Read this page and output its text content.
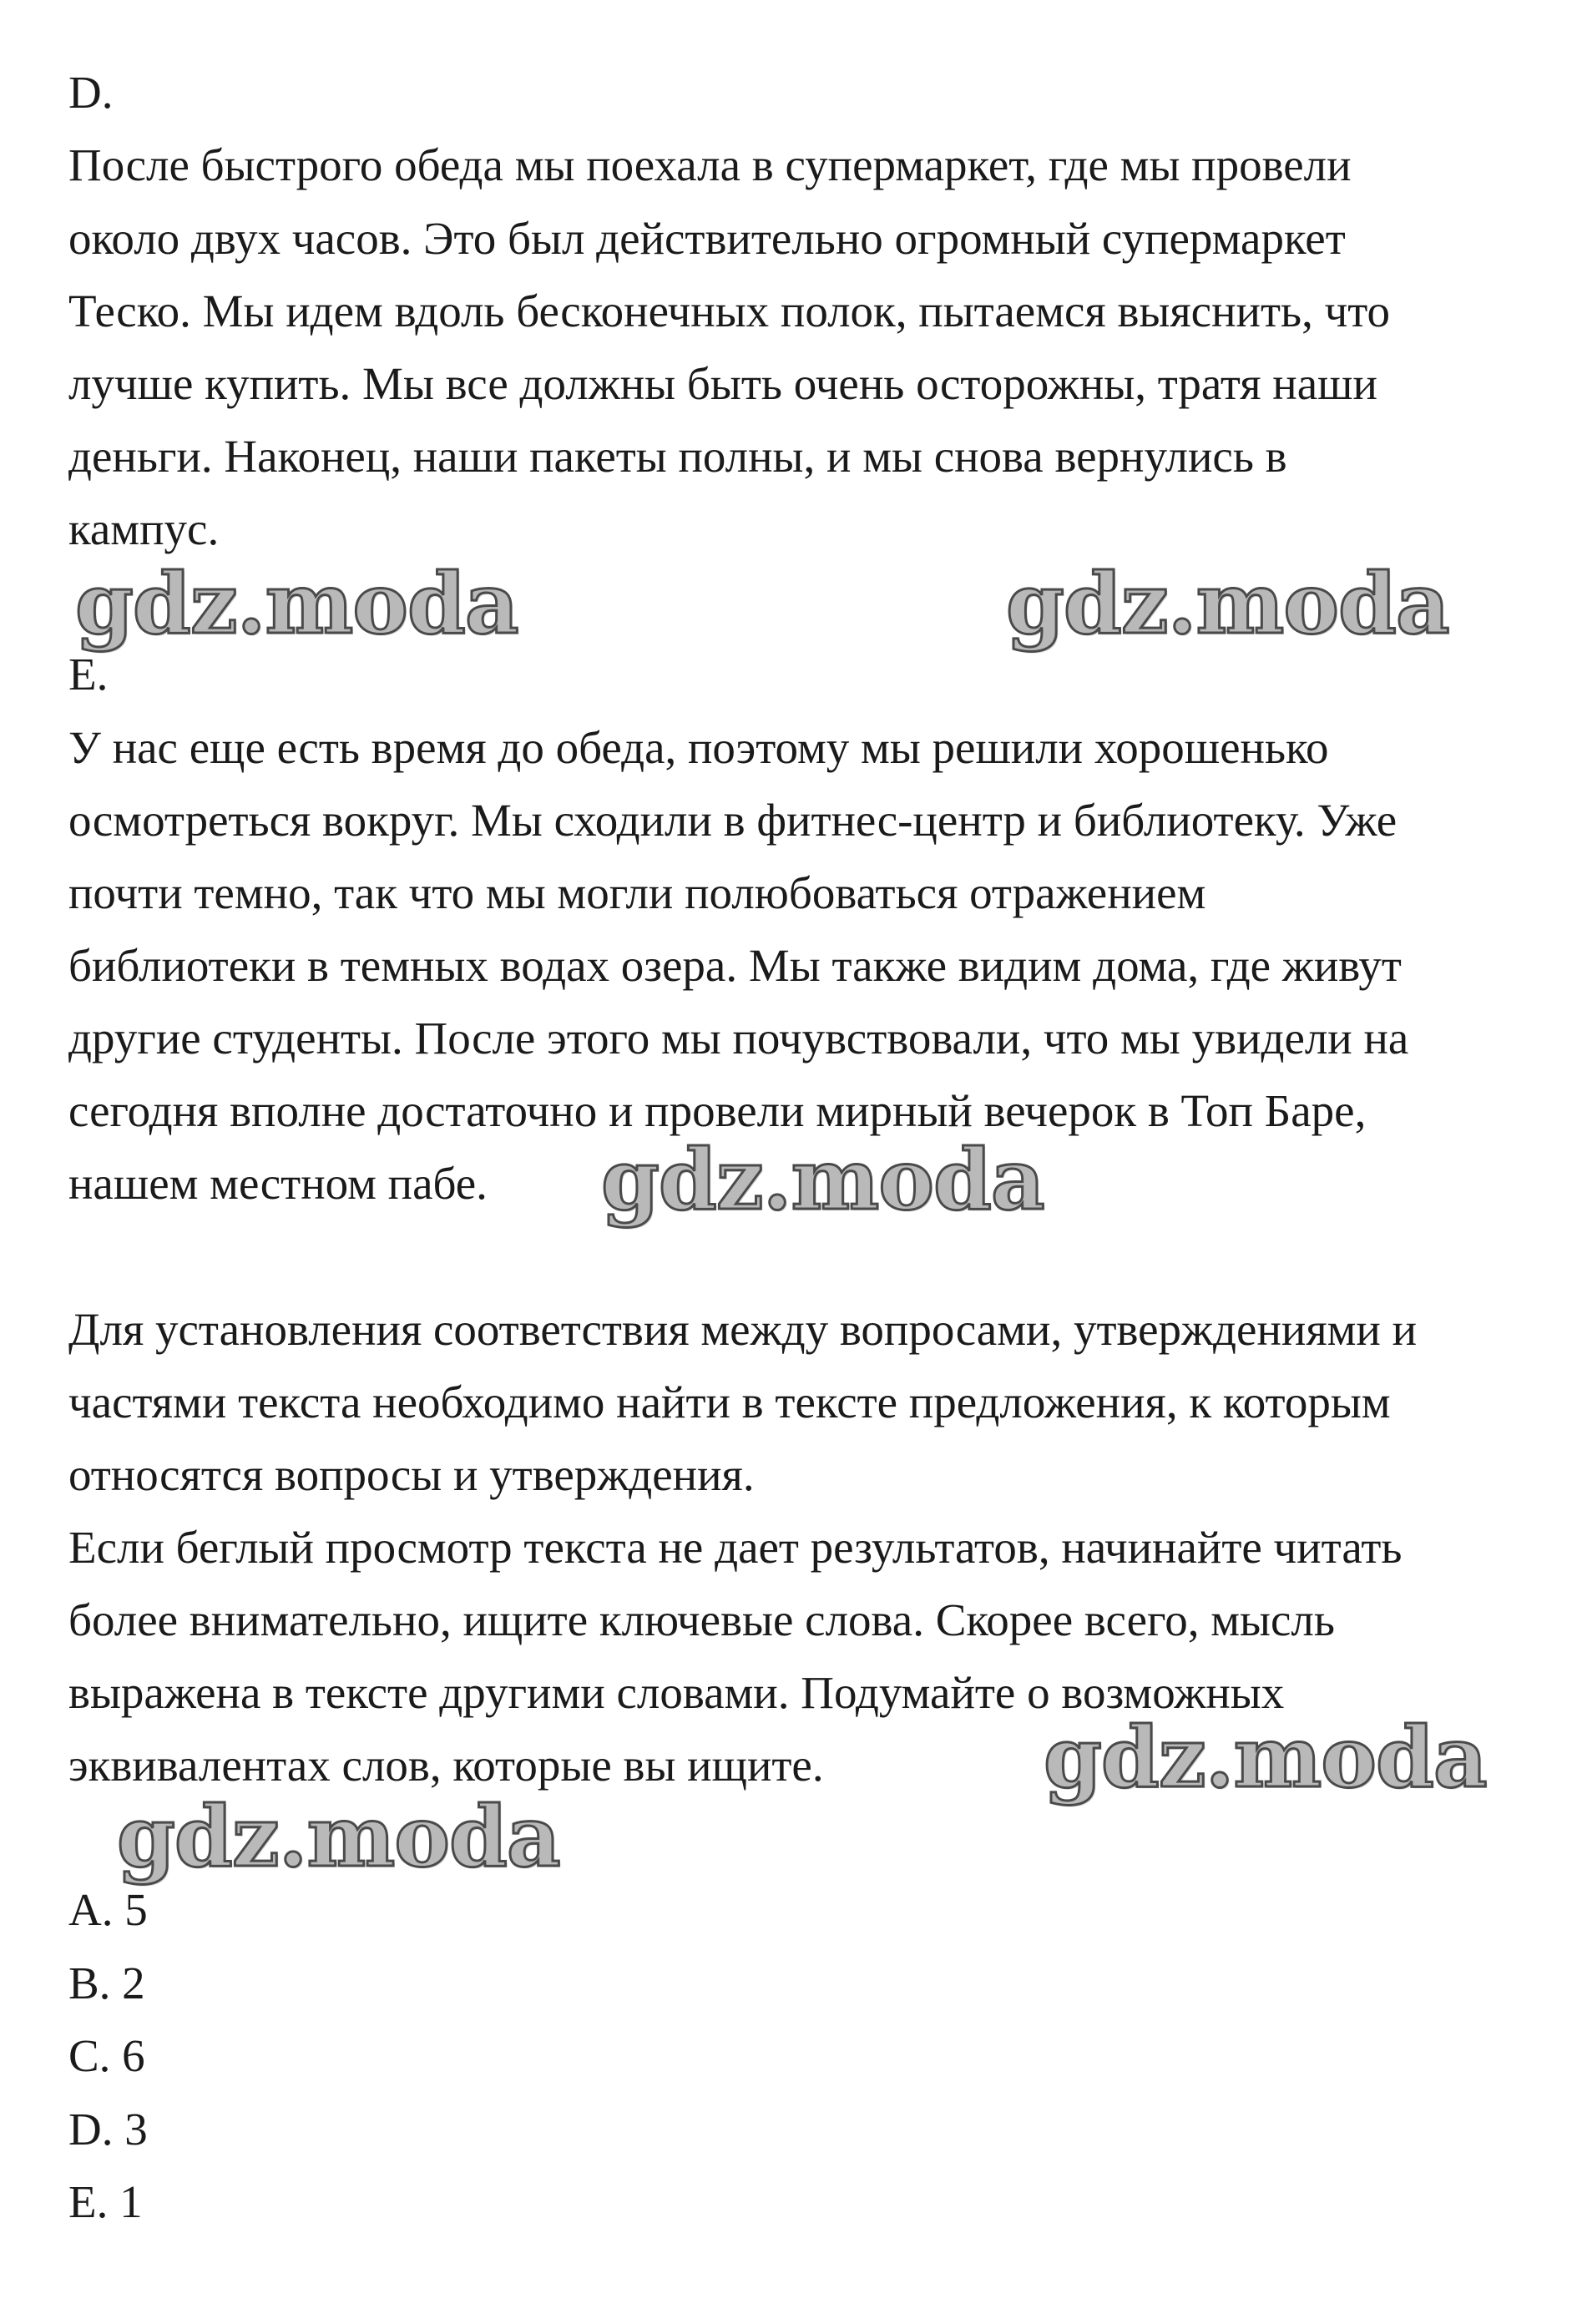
D.
После быстрого обеда мы поехала в супермаркет, где мы провели
около двух часов. Это был действительно огромный супермаркет
Теско. Мы идем вдоль бесконечных полок, пытаемся выяснить, что
лучше купить. Мы все должны быть очень осторожны, тратя наши
деньги. Наконец, наши пакеты полны, и мы снова вернулись в
кампус.
gdz.moda	gdz.moda
E.
У нас еще есть время до обеда, поэтому мы решили хорошенько
осмотреться вокруг. Мы сходили в фитнес-центр и библиотеку. Уже
почти темно, так что мы могли полюбоваться отражением
библиотеки в темных водах озера. Мы также видим дома, где живут
другие студенты. После этого мы почувствовали, что мы увидели на
сегодня вполне достаточно и провели мирный вечерок в Топ Баре,
нашем местном пабе. gdz.moda
Для установления соответствия между вопросами, утверждениями и
частями текста необходимо найти в тексте предложения, к которым
относятся вопросы и утверждения.
Если беглый просмотр текста не дает результатов, начинайте читать
более внимательно, ищите ключевые слова. Скорее всего, мысль
выражена в тексте другими словами. Подумайте о возможных
эквивалентах слов, которые вы ищите.	gdz.moda
gdz.moda
A. 5
B. 2
C. 6
D. 3
E. 1
